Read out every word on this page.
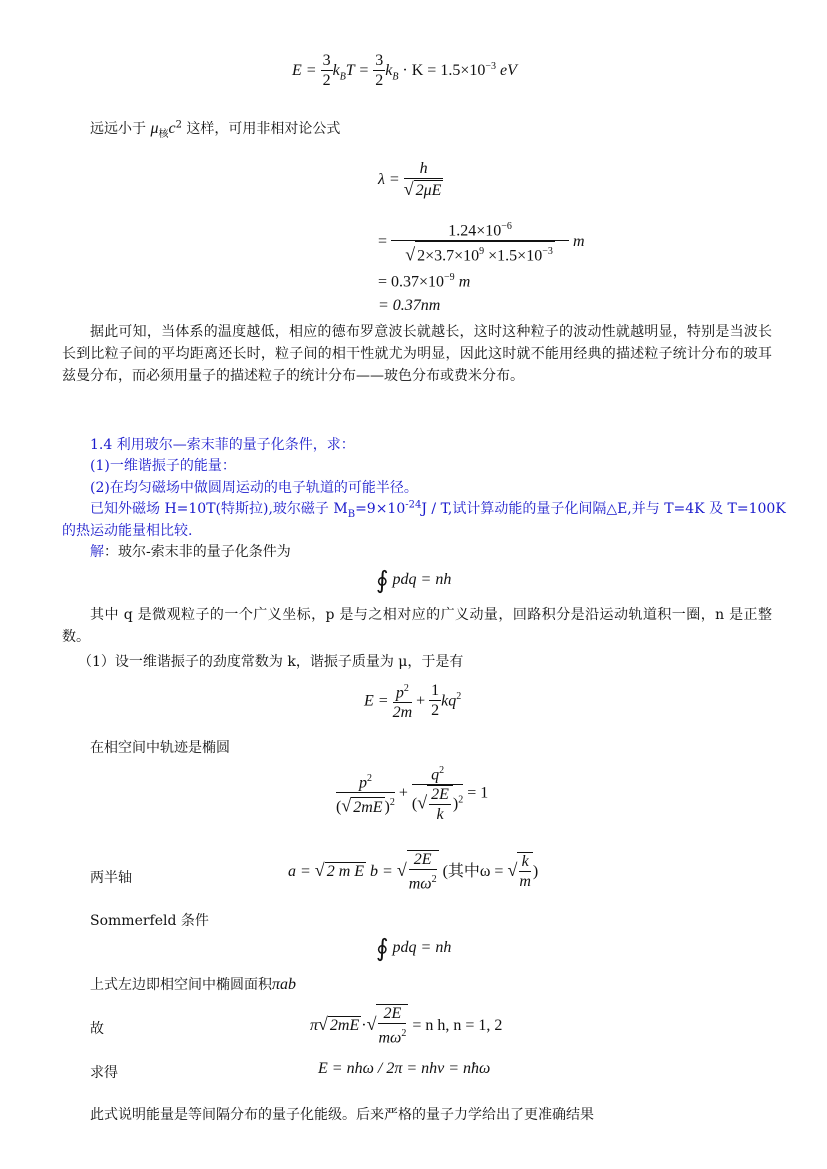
$E = \frac{3}{2} k_BT = \frac{3}{2} k_B \cdot K = 1.5\times 10^{-3}$ eV
远远小于 $\mu_核c^2$ 这样，可用非相对论公式
$\lambda = \frac{h}{√ 2\mu E}$
= $\frac{1.24\times 10^{-6}}{√ 2\times 3.7\times 10^9 \times 1.5\times 10^{-3}}$ m
= $0.37\times 10^{-9}$ m
= 0.37nm
据此可知，当体系的温度越低，相应的德布罗意波长就越长，这时这种粒子的波动性就越明显，特别是当波长长到比粒子间的平均距离还长时，粒子间的相干性就尤为明显，因此这时就不能用经典的描述粒子统计分布的玻耳兹曼分布，而必须用量子的描述粒子的统计分布——玻色分布或费米分布。
1.4 利用玻尔—索末菲的量子化条件，求：
(1)一维谐振子的能量：
(2)在均匀磁场中做圆周运动的电子轨道的可能半径。
已知外磁场 H=10T(特斯拉),玻尔磁子 $M_B=9\times 10^{-24}J / T$,试计算动能的量子化间隔△E,并与 T=4K 及 T=100K
的热运动能量相比较.
解：玻尔-索末非的量子化条件为
∮ pdq = nh
其中 q 是微观粒子的一个广义坐标，p 是与之相对应的广义动量，回路积分是沿运动轨道积一圈，n 是正整数。
（1）设一维谐振子的劲度常数为 k，谐振子质量为 μ，于是有
$E = \frac{p^2}{2m} + \frac{1}{2} kq^2$
在相空间中轨迹是椭圆
$\frac{p^2}{(√ 2mE )^2} + \frac{q^2}{(√ \frac{2E}{k} )^2} = 1$
两半轴	a = √ 2 m E b = √ $\frac{2E}{m\omega^2}$ (其中ω = √ $\frac{k}{m}$ )
Sommerfeld 条件
∮ pdq = nh
上式左边即相空间中椭圆面积πab
故	π√ 2mE ·√ $\frac{2E}{m\omega^2} = n$ h, n = 1, 2
求得	E = nhω / 2π = nhν = nħω
此式说明能量是等间隔分布的量子化能级。后来严格的量子力学给出了更准确结果
